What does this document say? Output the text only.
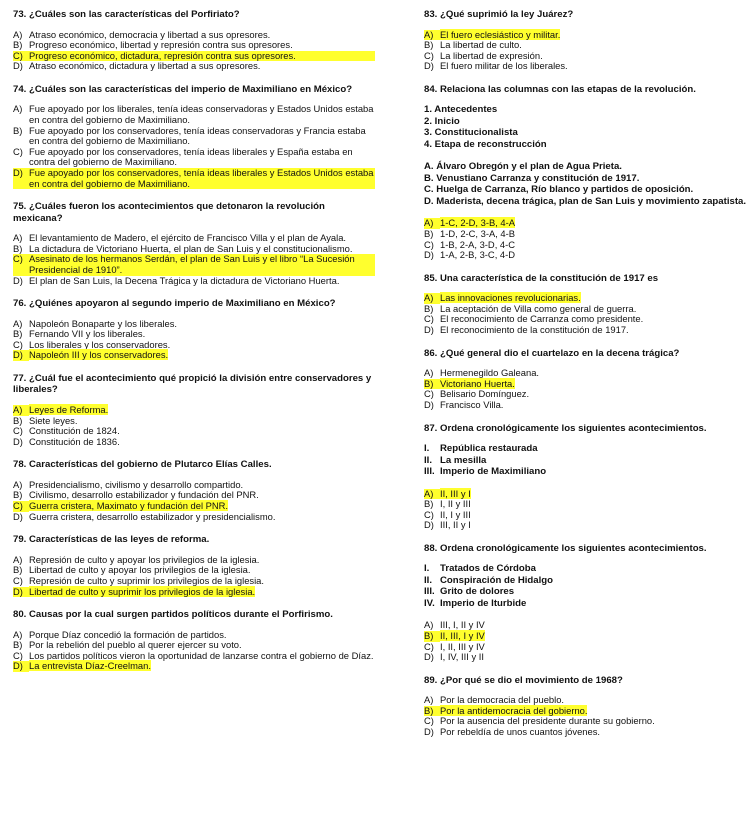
73. ¿Cuáles son las características del Porfiriato?
A) Atraso económico, democracia y libertad a sus opresores.
B) Progreso económico, libertad y represión contra sus opresores.
C) Progreso económico, dictadura, represión contra sus opresores.
D) Atraso económico, dictadura y libertad a sus opresores.
74. ¿Cuáles son las características del imperio de Maximiliano en México?
A) Fue apoyado por los liberales, tenía ideas conservadoras y Estados Unidos estaba en contra del gobierno de Maximiliano.
B) Fue apoyado por los conservadores, tenía ideas conservadoras y Francia estaba en contra del gobierno de Maximiliano.
C) Fue apoyado por los conservadores, tenía ideas liberales y España estaba en contra del gobierno de Maximiliano.
D) Fue apoyado por los conservadores, tenía ideas liberales y Estados Unidos estaba en contra del gobierno de Maximiliano.
75. ¿Cuáles fueron los acontecimientos que detonaron la revolución mexicana?
A) El levantamiento de Madero, el ejército de Francisco Villa y el plan de Ayala.
B) La dictadura de Victoriano Huerta, el plan de San Luis y el constitucionalismo.
C) Asesinato de los hermanos Serdán, el plan de San Luis y el libro “La Sucesión Presidencial de 1910”.
D) El plan de San Luis, la Decena Trágica y la dictadura de Victoriano Huerta.
76. ¿Quiénes apoyaron al segundo imperio de Maximiliano en México?
A) Napoleón Bonaparte y los liberales.
B) Fernando VII y los liberales.
C) Los liberales y los conservadores.
D) Napoleón III y los conservadores.
77. ¿Cuál fue el acontecimiento qué propició la división entre conservadores y liberales?
A) Leyes de Reforma.
B) Siete leyes.
C) Constitución de 1824.
D) Constitución de 1836.
78. Características del gobierno de Plutarco Elías Calles.
A) Presidencialismo, civilismo y desarrollo compartido.
B) Civilismo, desarrollo estabilizador y fundación del PNR.
C) Guerra cristera, Maximato y fundación del PNR.
D) Guerra cristera, desarrollo estabilizador y presidencialismo.
79. Características de las leyes de reforma.
A) Represión de culto y apoyar los privilegios de la iglesia.
B) Libertad de culto y apoyar los privilegios de la iglesia.
C) Represión de culto y suprimir los privilegios de la iglesia.
D) Libertad de culto y suprimir los privilegios de la iglesia.
80. Causas por la cual surgen partidos políticos durante el Porfirismo.
A) Porque Díaz concedió la formación de partidos.
B) Por la rebelión del pueblo al querer ejercer su voto.
C) Los partidos políticos vieron la oportunidad de lanzarse contra el gobierno de Díaz.
D) La entrevista Díaz-Creelman.
83. ¿Qué suprimió la ley Juárez?
A) El fuero eclesiástico y militar.
B) La libertad de culto.
C) La libertad de expresión.
D) El fuero militar de los liberales.
84. Relaciona las columnas con las etapas de la revolución.
1. Antecedentes
2. Inicio
3. Constitucionalista
4. Etapa de reconstrucción
A. Álvaro Obregón y el plan de Agua Prieta.
B. Venustiano Carranza y constitución de 1917.
C. Huelga de Carranza, Río blanco y partidos de oposición.
D. Maderista, decena trágica, plan de San Luis y movimiento zapatista.
A) 1-C, 2-D, 3-B, 4-A
B) 1-D, 2-C, 3-A, 4-B
C) 1-B, 2-A, 3-D, 4-C
D) 1-A, 2-B, 3-C, 4-D
85. Una característica de la constitución de 1917 es
A) Las innovaciones revolucionarias.
B) La aceptación de Villa como general de guerra.
C) El reconocimiento de Carranza como presidente.
D) El reconocimiento de la constitución de 1917.
86. ¿Qué general dio el cuartelazo en la decena trágica?
A) Hermenegildo Galeana.
B) Victoriano Huerta.
C) Belisario Domínguez.
D) Francisco Villa.
87. Ordena cronológicamente los siguientes acontecimientos.
I.	República restaurada
II. La mesilla
III. Imperio de Maximiliano
A) II, III y I
B) I, II y III
C) II, I y III
D) III, II y I
88. Ordena cronológicamente los siguientes acontecimientos.
I.	Tratados de Córdoba
II. Conspiración de Hidalgo
III. Grito de dolores
IV. Imperio de Iturbide
A) III, I, II y IV
B) II, III, I y IV
C) I, II, III y IV
D) I, IV, III y II
89. ¿Por qué se dio el movimiento de 1968?
A) Por la democracia del pueblo.
B) Por la antidemocracia del gobierno.
C) Por la ausencia del presidente durante su gobierno.
D) Por rebeldía de unos cuantos jóvenes.
